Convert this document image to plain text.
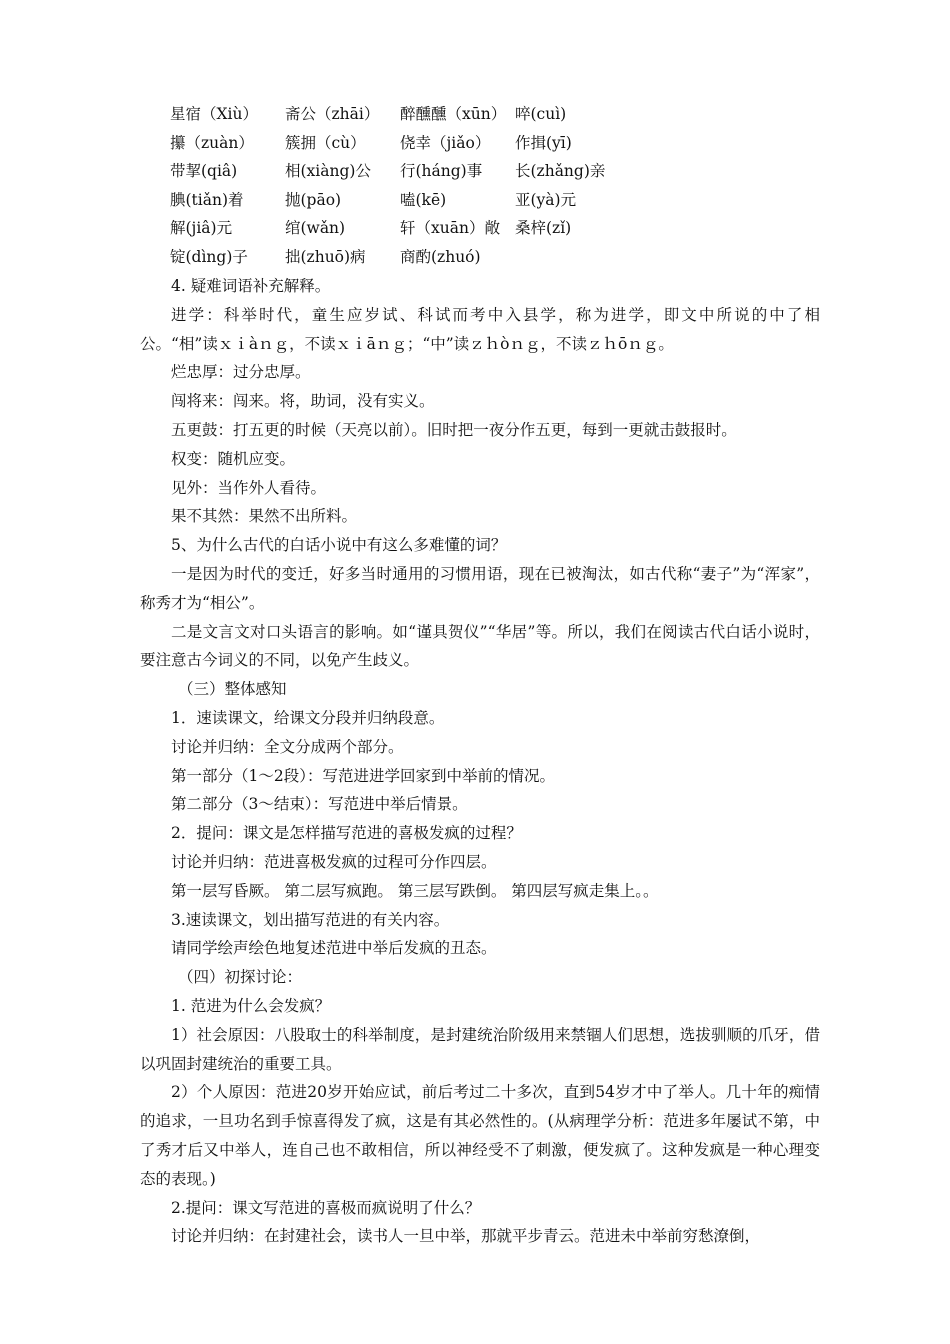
星宿（Xiù） 斋公（zhāi） 醉醺醺（xūn） 啐(cuì)
攥（zuàn） 簇拥（cù） 侥幸（jiǎo） 作揖(yī)
带挈(qiâ)	相(xiàng)公 行(háng)事 长(zhǎng)亲
腆(tiǎn)着	抛(pāo)	嗑(kē)	亚(yà)元
解(jiâ)元	绾(wǎn)	轩（xuān）敞 桑梓(zǐ)
锭(dìng)子 拙(zhuō)病 商酌(zhuó)

4. 疑难词语补充解释。

进学：科举时代，童生应岁试、科试而考中入县学，称为进学，即文中所说的中了相公。“相”读ｘｉàｎｇ，不读ｘｉāｎｇ；“中”读ｚｈòｎｇ，不读ｚｈōｎｇ。

烂忠厚：过分忠厚。

闯将来：闯来。将，助词，没有实义。

五更鼓：打五更的时候（天亮以前）。旧时把一夜分作五更，每到一更就击鼓报时。

权变：随机应变。

见外：当作外人看待。

果不其然：果然不出所料。

5、为什么古代的白话小说中有这么多难懂的词？

一是因为时代的变迁，好多当时通用的习惯用语，现在已被淘汰，如古代称“妻子”为“浑家”，称秀才为“相公”。

二是文言文对口头语言的影响。如“谨具贺仪”“华居”等。所以，我们在阅读古代白话小说时，要注意古今词义的不同，以免产生歧义。

（三）整体感知

1．速读课文，给课文分段并归纳段意。

讨论并归纳：全文分成两个部分。

第一部分（1～2段）：写范进进学回家到中举前的情况。

第二部分（3～结束）：写范进中举后情景。

2．提问：课文是怎样描写范进的喜极发疯的过程？

讨论并归纳：范进喜极发疯的过程可分作四层。

第一层写昏厥。 第二层写疯跑。 第三层写跌倒。 第四层写疯走集上。。

3.速读课文，划出描写范进的有关内容。

请同学绘声绘色地复述范进中举后发疯的丑态。

（四）初探讨论：

1. 范进为什么会发疯？

1）社会原因：八股取士的科举制度，是封建统治阶级用来禁锢人们思想，选拔驯顺的爪牙，借以巩固封建统治的重要工具。

2）个人原因：范进20岁开始应试，前后考过二十多次，直到54岁才中了举人。几十年的痴情的追求，一旦功名到手惊喜得发了疯，这是有其必然性的。(从病理学分析：范进多年屡试不第，中了秀才后又中举人，连自己也不敢相信，所以神经受不了刺激，便发疯了。这种发疯是一种心理变态的表现。)

2.提问：课文写范进的喜极而疯说明了什么？

讨论并归纳：在封建社会，读书人一旦中举，那就平步青云。范进未中举前穷愁潦倒，
